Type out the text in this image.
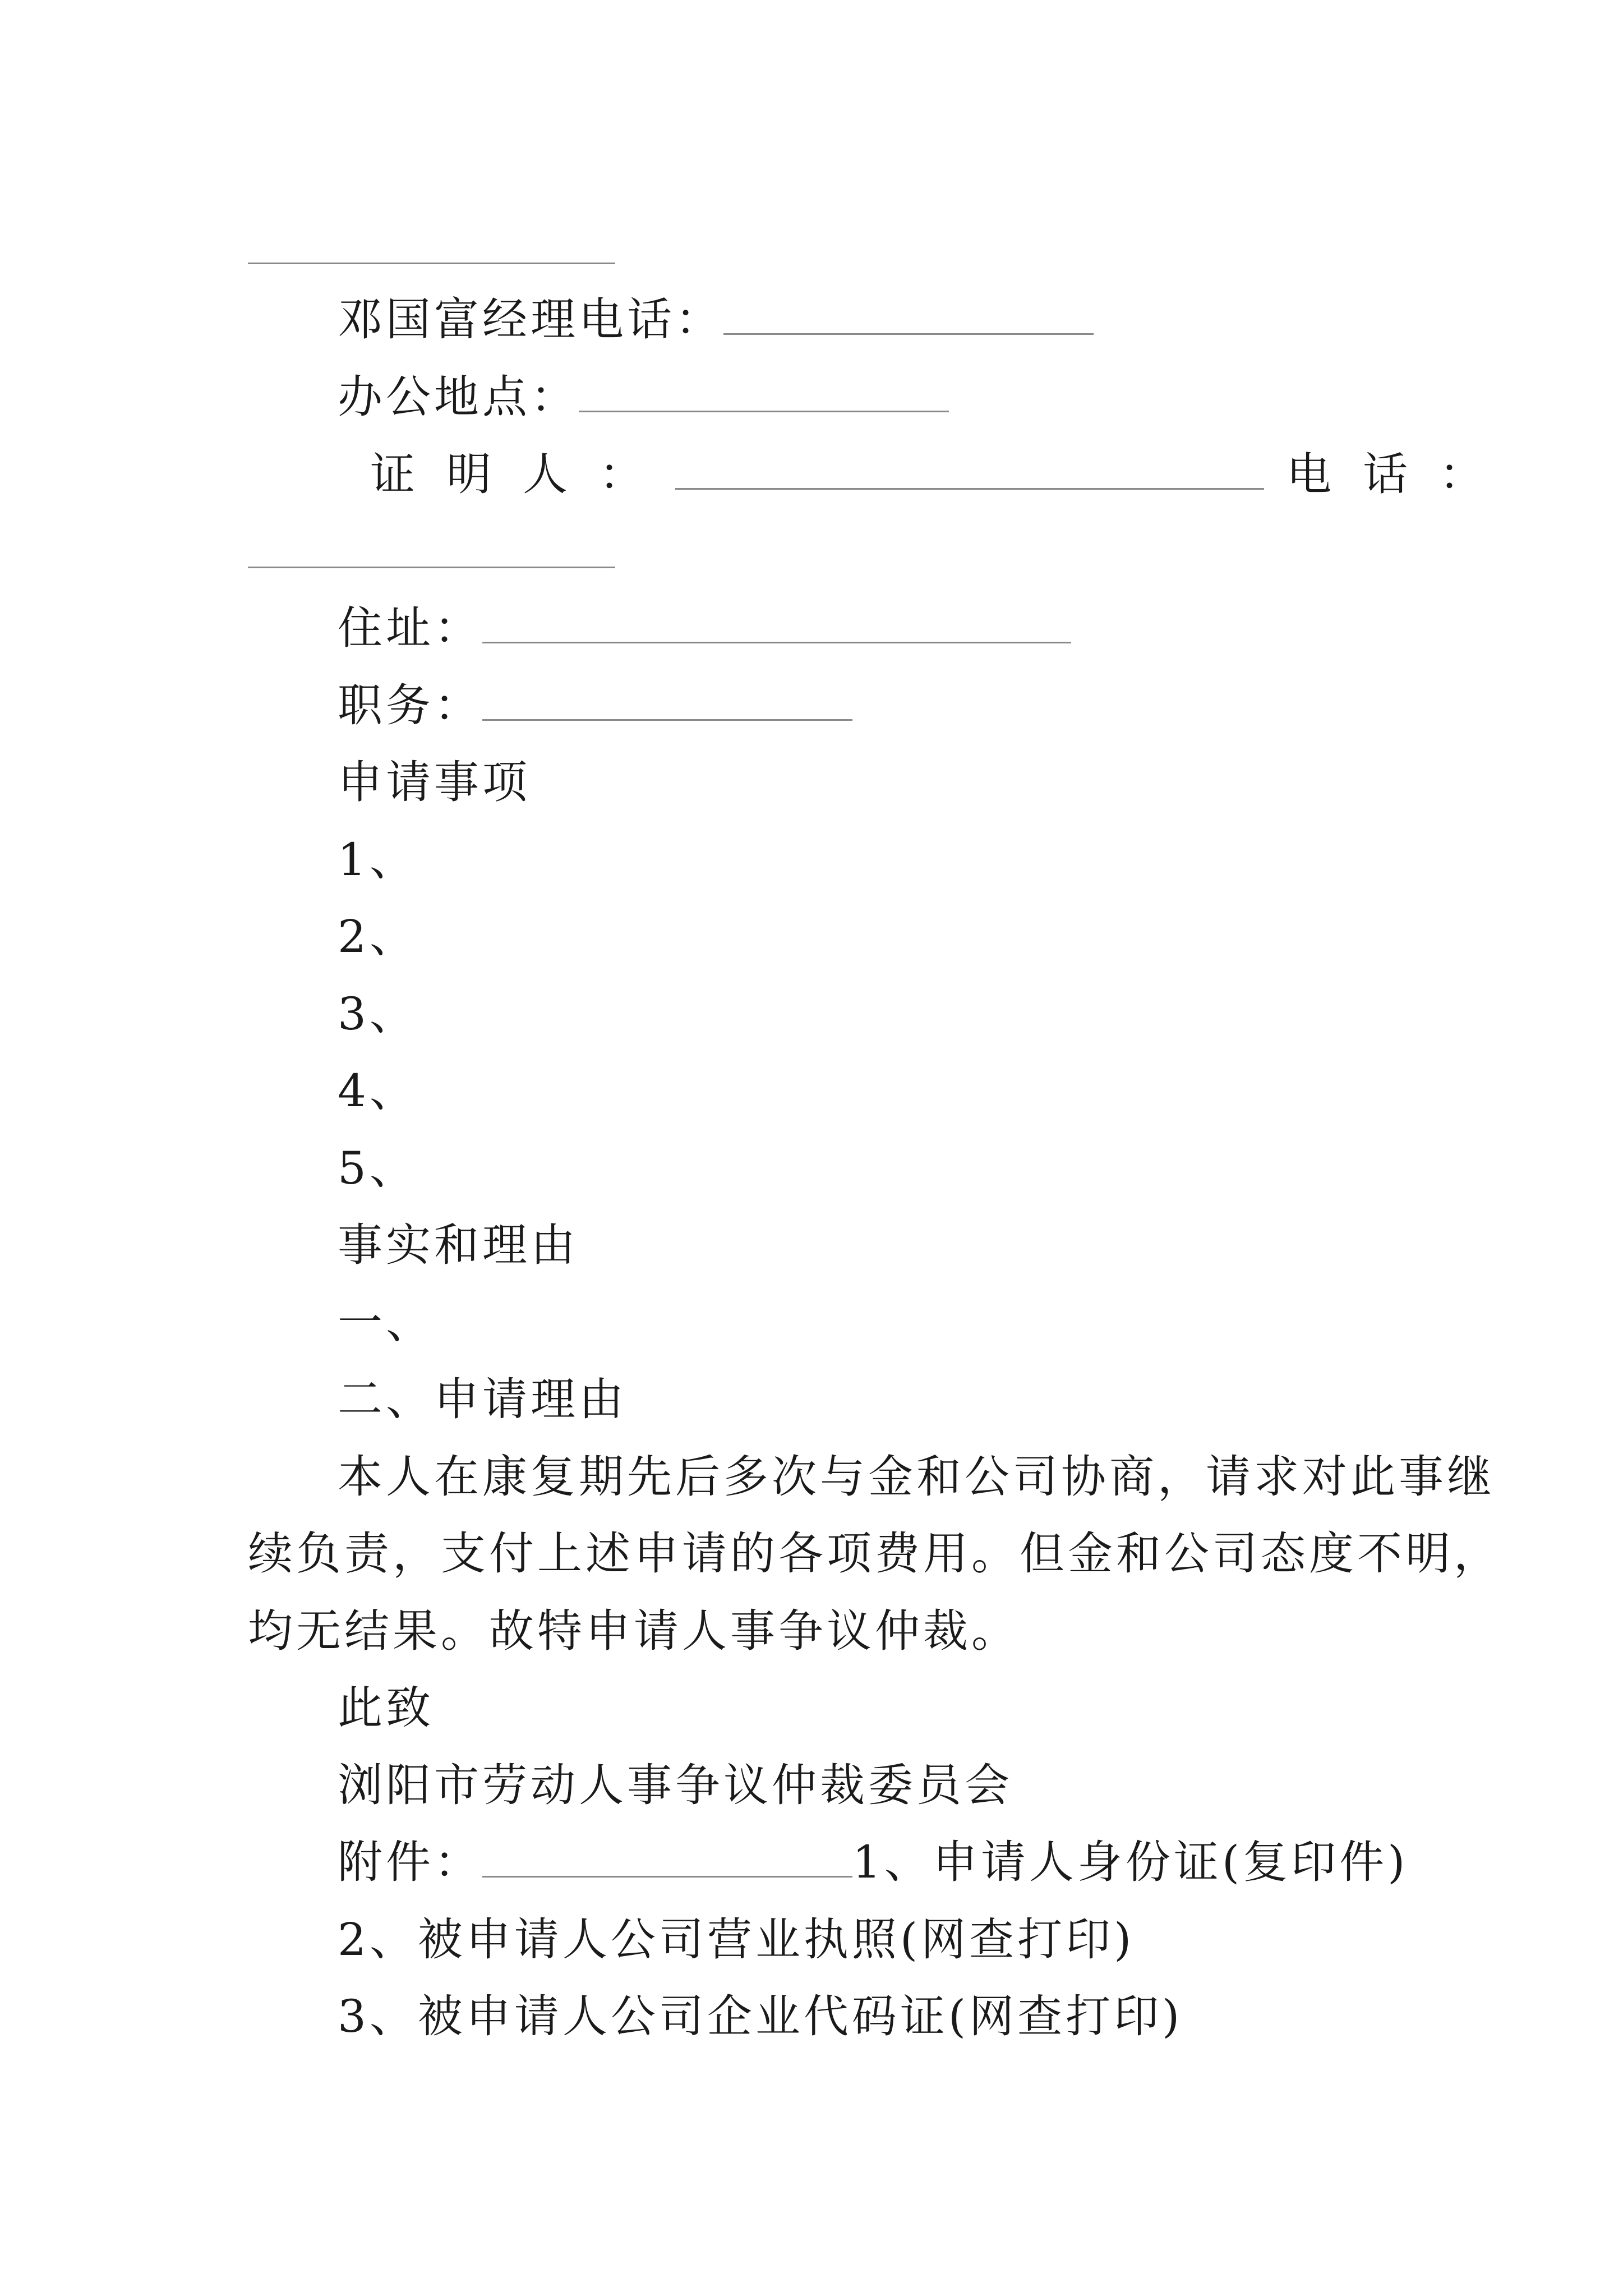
邓国富经理电话：
办公地点：
证明人：	电话：
住址：
职务：
申请事项
1、
2、
3、
4、
5、
事实和理由
一、
二、申请理由
本人在康复期先后多次与金和公司协商，请求对此事继
续负责，支付上述申请的各项费用。但金和公司态度不明，
均无结果。故特申请人事争议仲裁。
此致
浏阳市劳动人事争议仲裁委员会
附件：	1、申请人身份证(复印件)
2、被申请人公司营业执照(网查打印)
3、被申请人公司企业代码证(网查打印)
